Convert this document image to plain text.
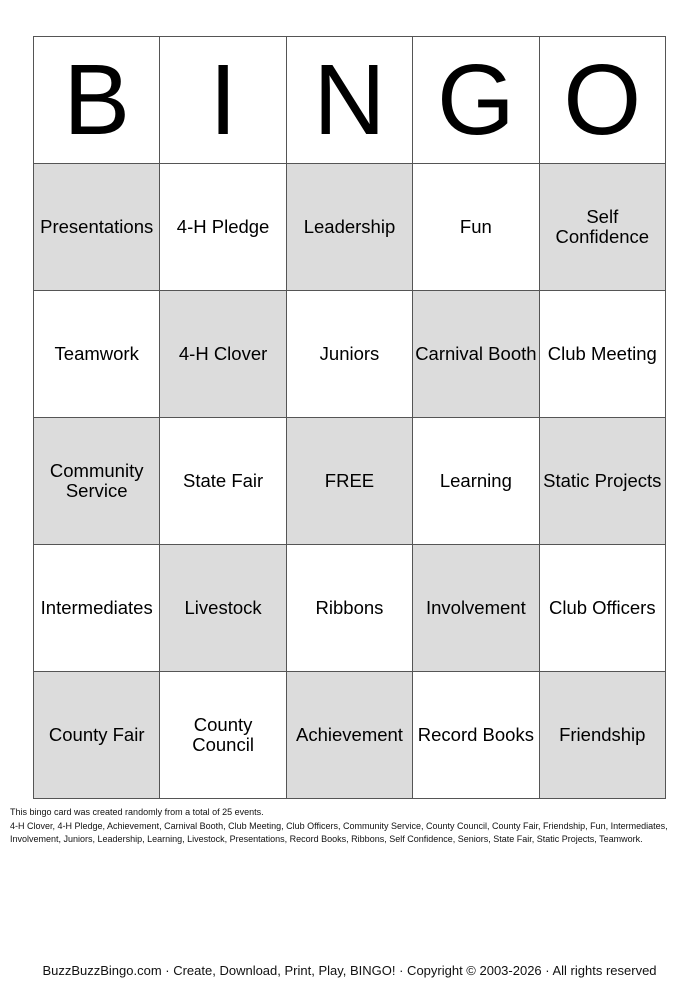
B	I	N	G	O
Presentations	4-H Pledge	Leadership	Fun	Self Confidence
Teamwork	4-H Clover	Juniors	Carnival Booth	Club Meeting
Community Service	State Fair	FREE	Learning	Static Projects
Intermediates	Livestock	Ribbons	Involvement	Club Officers
County Fair	County Council	Achievement	Record Books	Friendship

This bingo card was created randomly from a total of 25 events.

4-H Clover, 4-H Pledge, Achievement, Carnival Booth, Club Meeting, Club Officers, Community Service, County Council, County Fair, Friendship, Fun, Intermediates, Involvement, Juniors, Leadership, Learning, Livestock, Presentations, Record Books, Ribbons, Self Confidence, Seniors, State Fair, Static Projects, Teamwork.

BuzzBuzzBingo.com · Create, Download, Print, Play, BINGO! · Copyright © 2003-2026 · All rights reserved
